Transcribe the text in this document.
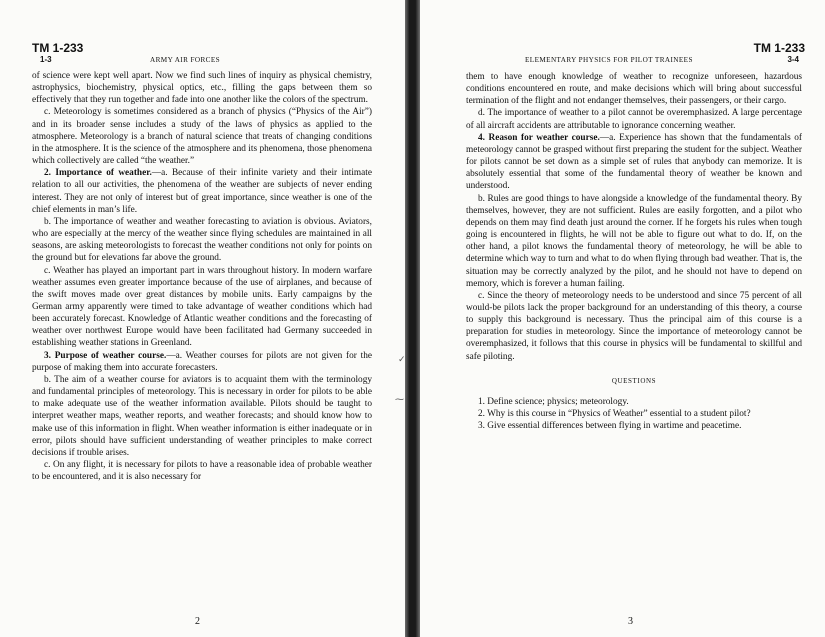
TM 1-233
1-3	ARMY AIR FORCES

of science were kept well apart. Now we find such lines of inquiry as physical chemistry, astrophysics, biochemistry, physical optics, etc., filling the gaps between them so effectively that they run together and fade into one another like the colors of the spectrum.

c. Meteorology is sometimes considered as a branch of physics (“Physics of the Air”) and in its broader sense includes a study of the laws of physics as applied to the atmosphere. Meteorology is a branch of natural science that treats of changing conditions in the atmosphere. It is the science of the atmosphere and its phenomena, those phenomena which collectively are called “the weather.”

2. Importance of weather.—a. Because of their infinite variety and their intimate relation to all our activities, the phenomena of the weather are subjects of never ending interest. They are not only of interest but of great importance, since weather is one of the chief elements in man’s life.

b. The importance of weather and weather forecasting to aviation is obvious. Aviators, who are especially at the mercy of the weather since flying schedules are maintained in all seasons, are asking meteorologists to forecast the weather conditions not only for points on the ground but for elevations far above the ground.

c. Weather has played an important part in wars throughout history. In modern warfare weather assumes even greater importance because of the use of airplanes, and because of the swift moves made over great distances by mobile units. Early campaigns by the German army apparently were timed to take advantage of weather conditions which had been accurately forecast. Knowledge of Atlantic weather conditions and the forecasting of weather over northwest Europe would have been facilitated had Germany succeeded in establishing weather stations in Greenland.

3. Purpose of weather course.—a. Weather courses for pilots are not given for the purpose of making them into accurate forecasters.

b. The aim of a weather course for aviators is to acquaint them with the terminology and fundamental principles of meteorology. This is necessary in order for pilots to be able to make adequate use of the weather information available. Pilots should be taught to interpret weather maps, weather reports, and weather forecasts; and should know how to make use of this information in flight. When weather information is either inadequate or in error, pilots should have sufficient understanding of weather principles to make correct decisions if trouble arises.

c. On any flight, it is necessary for pilots to have a reasonable idea of probable weather to be encountered, and it is also necessary for

2
✓
⁓
TM 1-233
3-4
ELEMENTARY PHYSICS FOR PILOT TRAINEES

them to have enough knowledge of weather to recognize unforeseen, hazardous conditions encountered en route, and make decisions which will bring about successful termination of the flight and not endanger themselves, their passengers, or their cargo.

d. The importance of weather to a pilot cannot be overemphasized. A large percentage of all aircraft accidents are attributable to ignorance concerning weather.

4. Reason for weather course.—a. Experience has shown that the fundamentals of meteorology cannot be grasped without first preparing the student for the subject. Weather for pilots cannot be set down as a simple set of rules that anybody can memorize. It is absolutely essential that some of the fundamental theory of weather be known and understood.

b. Rules are good things to have alongside a knowledge of the fundamental theory. By themselves, however, they are not sufficient. Rules are easily forgotten, and a pilot who depends on them may find death just around the corner. If he forgets his rules when tough going is encountered in flights, he will not be able to figure out what to do. If, on the other hand, a pilot knows the fundamental theory of meteorology, he will be able to determine which way to turn and what to do when flying through bad weather. That is, the situation may be correctly analyzed by the pilot, and he should not have to depend on memory, which is forever a human failing.

c. Since the theory of meteorology needs to be understood and since 75 percent of all would-be pilots lack the proper background for an understanding of this theory, a course to supply this background is necessary. Thus the principal aim of this course is a preparation for studies in meteorology. Since the importance of meteorology cannot be overemphasized, it follows that this course in physics will be fundamental to skillful and safe piloting.

QUESTIONS
1. Define science; physics; meteorology.
2. Why is this course in “Physics of Weather” essential to a student pilot?
3. Give essential differences between flying in wartime and peacetime.
3
